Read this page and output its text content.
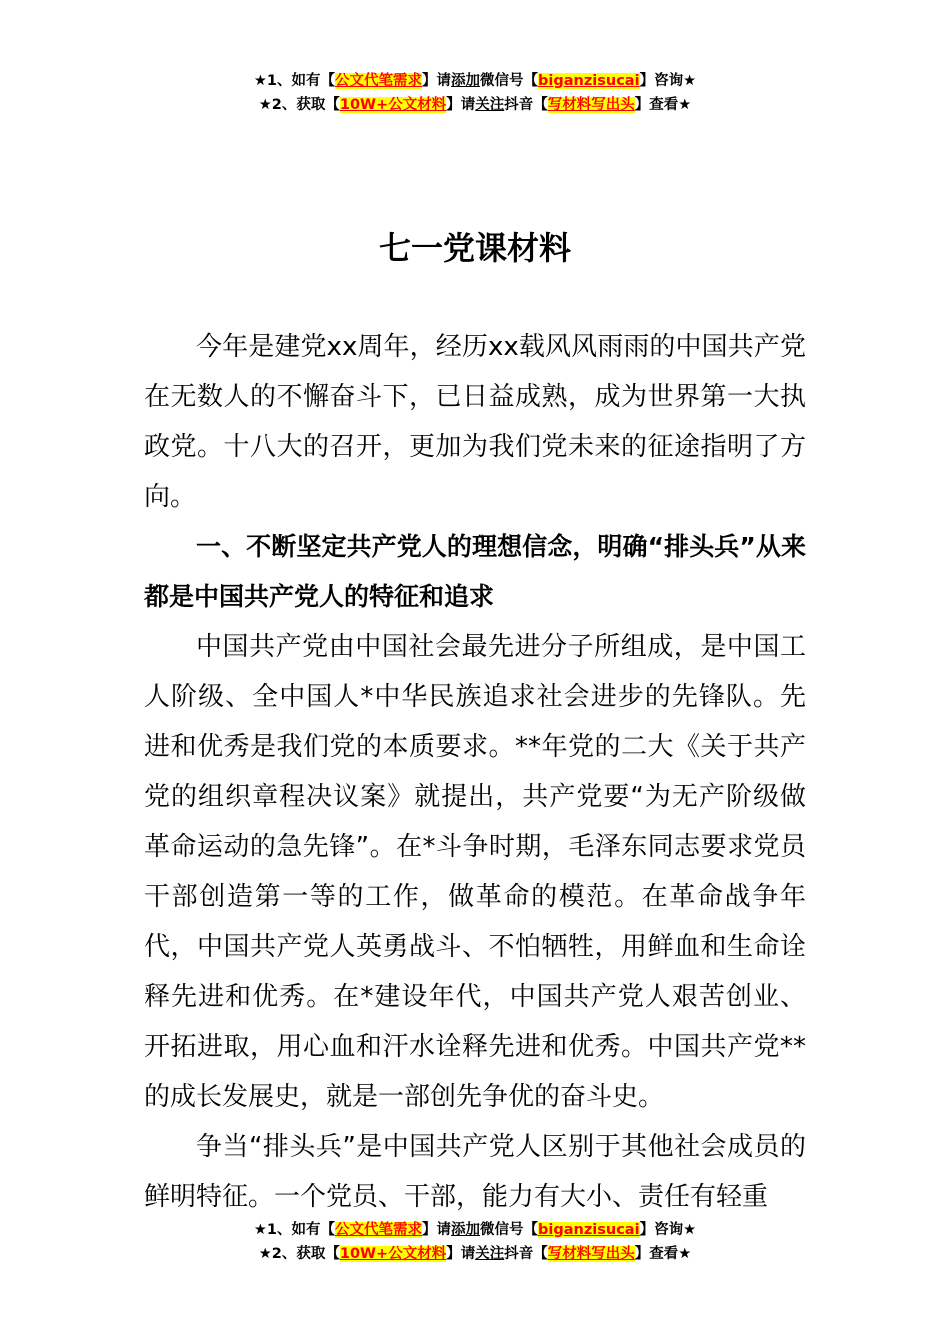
★1、如有【公文代笔需求】请添加微信号【biganzisucai】咨询★
★2、获取【10W+公文材料】请关注抖音【写材料写出头】查看★
七一党课材料

今年是建党xx周年，经历xx载风风雨雨的中国共产党在无数人的不懈奋斗下，已日益成熟，成为世界第一大执政党。十八大的召开，更加为我们党未来的征途指明了方向。

一、不断坚定共产党人的理想信念，明确“排头兵”从来都是中国共产党人的特征和追求

中国共产党由中国社会最先进分子所组成，是中国工人阶级、全中国人*中华民族追求社会进步的先锋队。先进和优秀是我们党的本质要求。**年党的二大《关于共产党的组织章程决议案》就提出，共产党要“为无产阶级做革命运动的急先锋”。在*斗争时期，毛泽东同志要求党员干部创造第一等的工作，做革命的模范。在革命战争年代，中国共产党人英勇战斗、不怕牺牲，用鲜血和生命诠释先进和优秀。在*建设年代，中国共产党人艰苦创业、开拓进取，用心血和汗水诠释先进和优秀。中国共产党**的成长发展史，就是一部创先争优的奋斗史。

争当“排头兵”是中国共产党人区别于其他社会成员的鲜明特征。一个党员、干部，能力有大小、责任有轻重

★1、如有【公文代笔需求】请添加微信号【biganzisucai】咨询★
★2、获取【10W+公文材料】请关注抖音【写材料写出头】查看★
